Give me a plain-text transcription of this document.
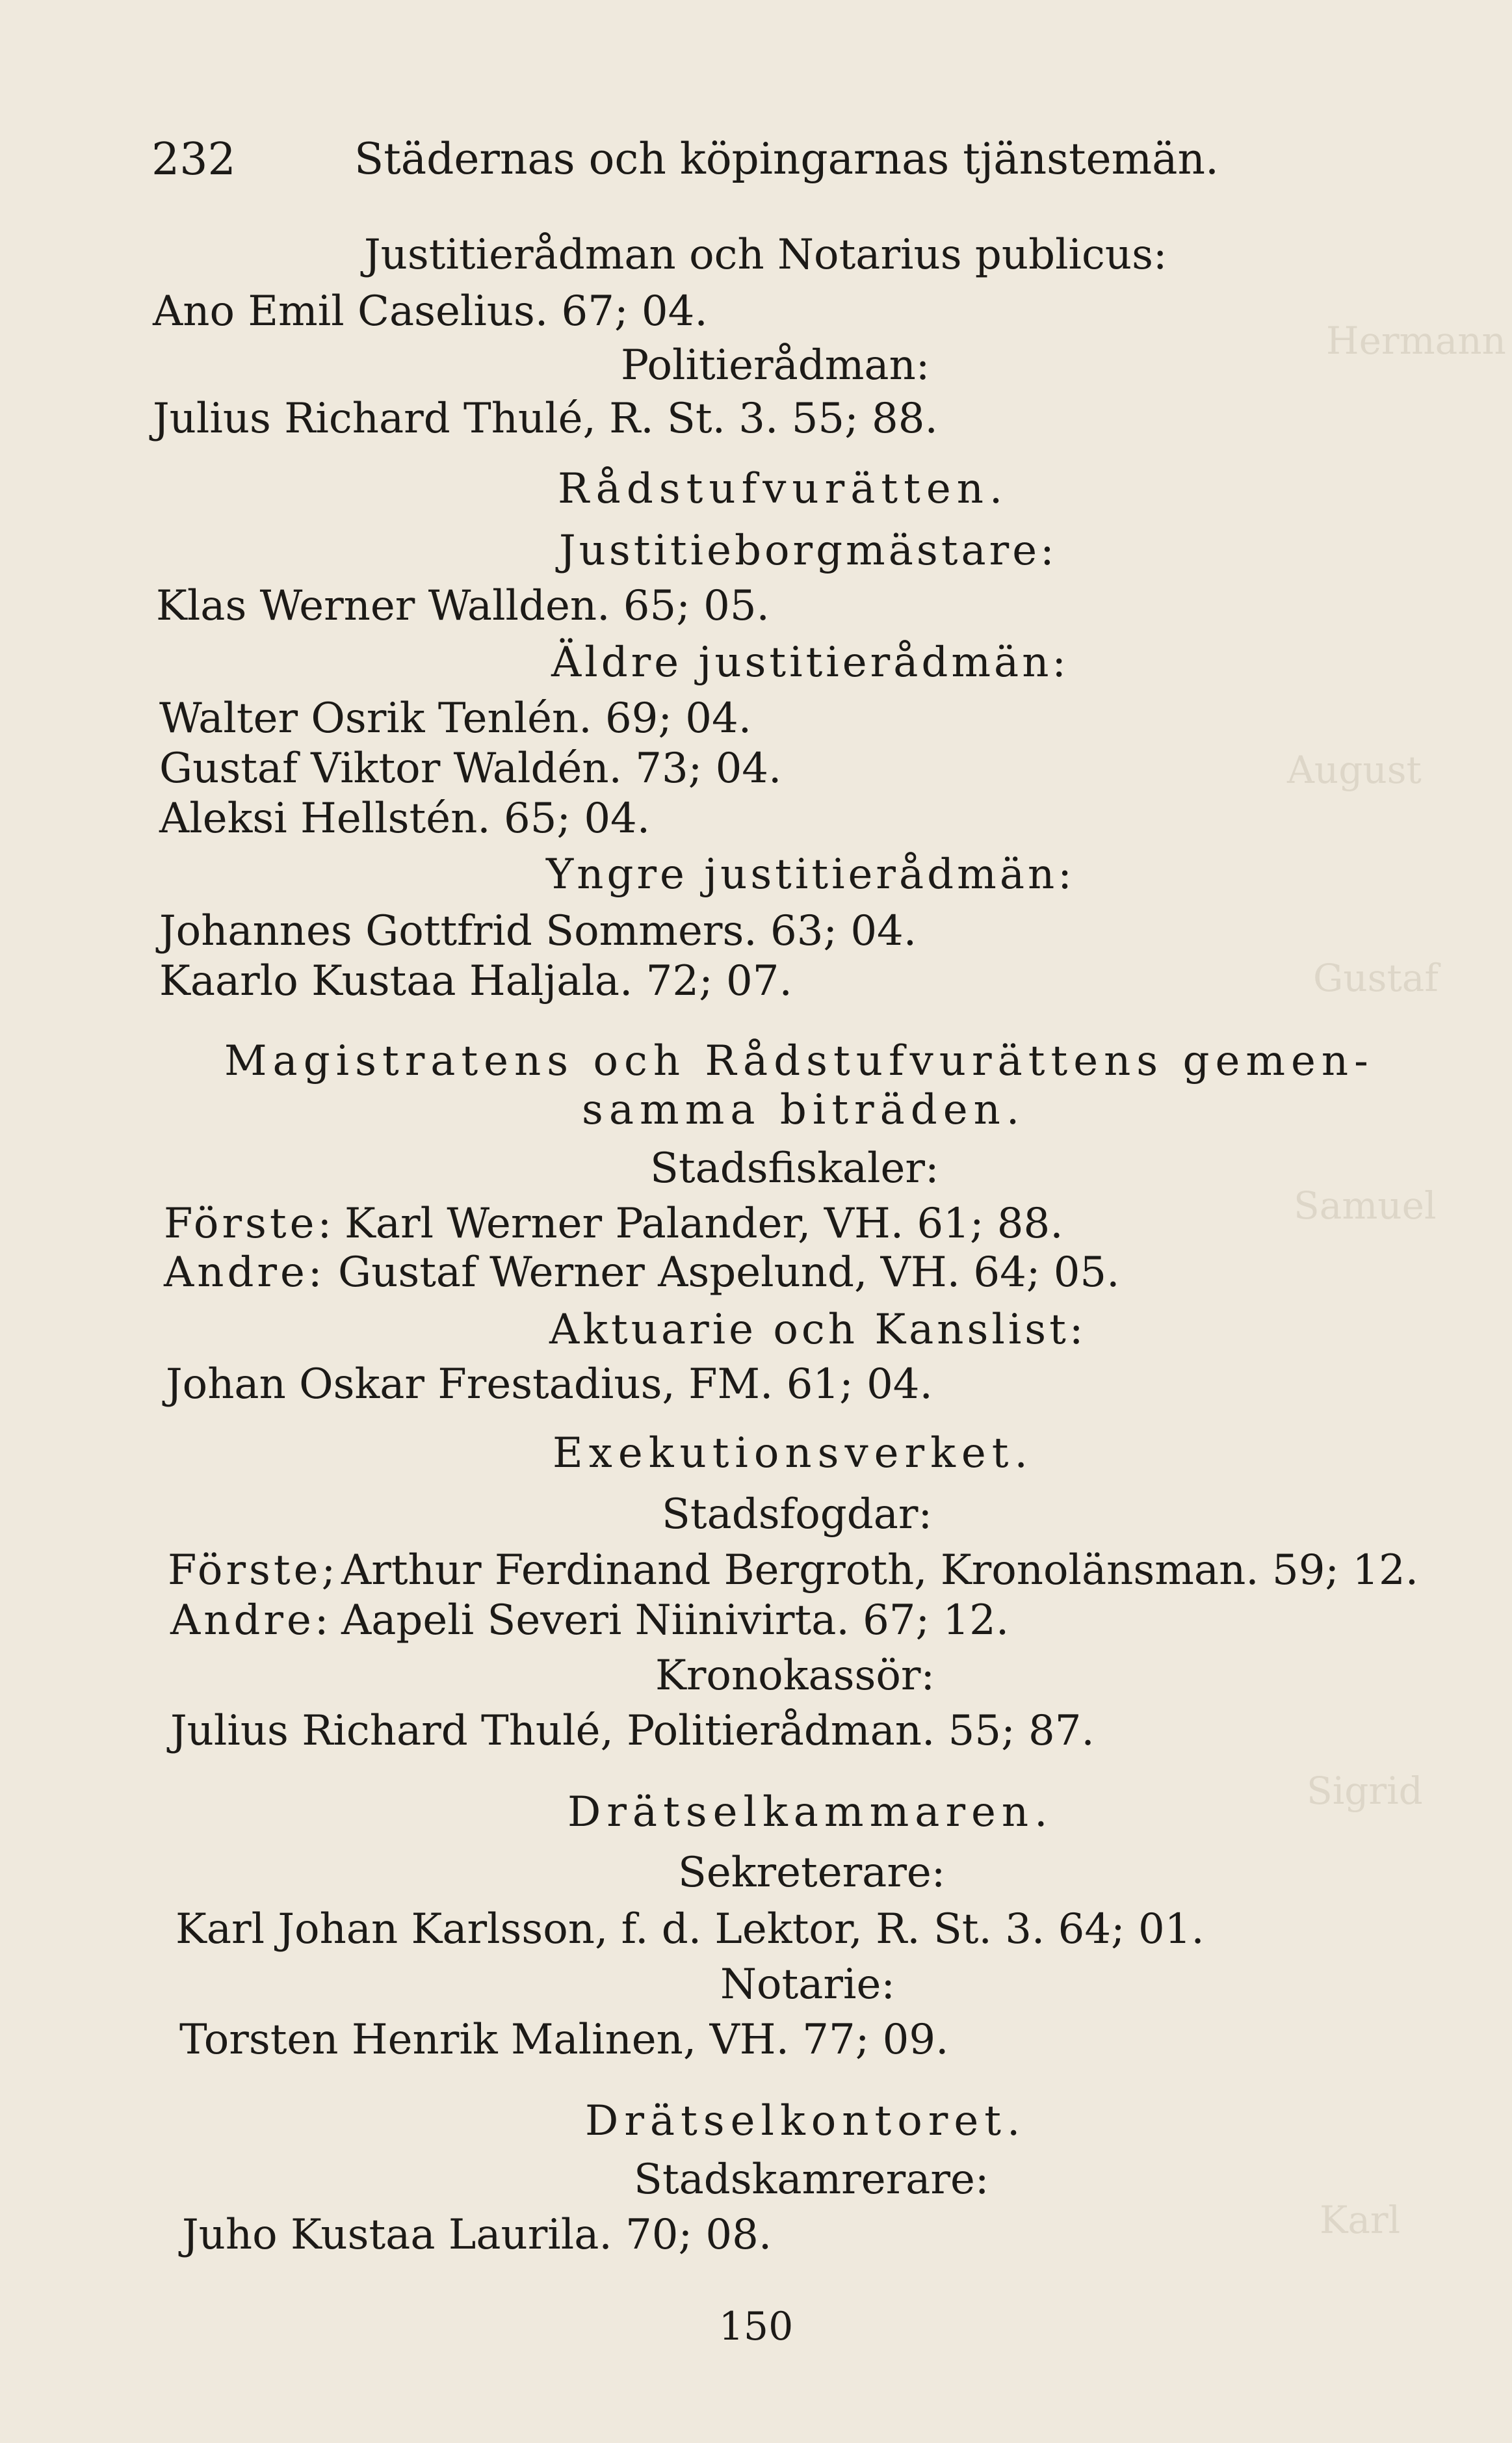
Hermann
August
Gustaf
Samuel
Sigrid
Karl
232	Städernas och köpingarnas tjänstemän.
Justitierådman och Notarius publicus:
Ano Emil Caselius. 67; 04.
Politierådman:
Julius Richard Thulé, R. St. 3. 55; 88.
Rådstufvurätten.
Justitieborgmästare:
Klas Werner Wallden. 65; 05.
Äldre justitierådmän:
Walter Osrik Tenlén. 69; 04.
Gustaf Viktor Waldén. 73; 04.
Aleksi Hellstén. 65; 04.
Yngre justitierådmän:
Johannes Gottfrid Sommers. 63; 04.
Kaarlo Kustaa Haljala. 72; 07.
Magistratens och Rådstufvurättens gemen-
samma biträden.
Stadsfiskaler:
Förste: Karl Werner Palander, VH. 61; 88.
Andre: Gustaf Werner Aspelund, VH. 64; 05.
Aktuarie och Kanslist:
Johan Oskar Frestadius, FM. 61; 04.
Exekutionsverket.
Stadsfogdar:
Förste; Arthur Ferdinand Bergroth, Kronolänsman. 59; 12.
Andre: Aapeli Severi Niinivirta. 67; 12.
Kronokassör:
Julius Richard Thulé, Politierådman. 55; 87.
Drätselkammaren.
Sekreterare:
Karl Johan Karlsson, f. d. Lektor, R. St. 3. 64; 01.
Notarie:
Torsten Henrik Malinen, VH. 77; 09.
Drätselkontoret.
Stadskamrerare:
Juho Kustaa Laurila. 70; 08.
150
